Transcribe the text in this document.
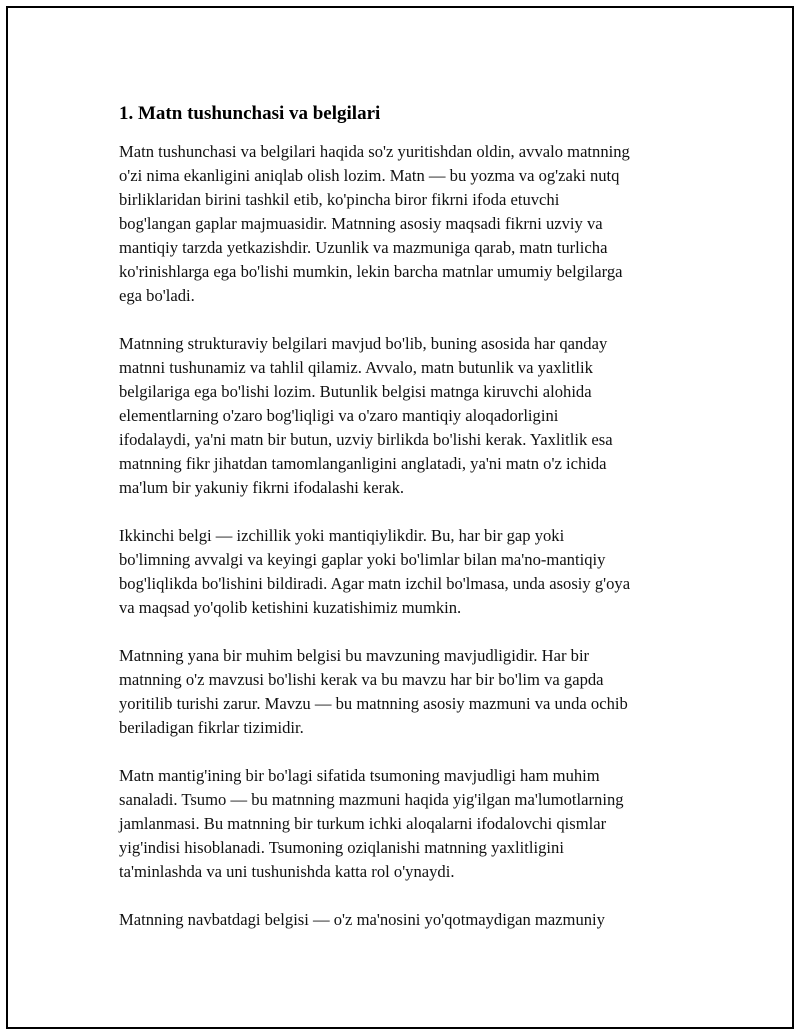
1. Matn tushunchasi va belgilari

Matn tushunchasi va belgilari haqida so'z yuritishdan oldin, avvalo matnning
o'zi nima ekanligini aniqlab olish lozim. Matn — bu yozma va og'zaki nutq
birliklaridan birini tashkil etib, ko'pincha biror fikrni ifoda etuvchi
bog'langan gaplar majmuasidir. Matnning asosiy maqsadi fikrni uzviy va
mantiqiy tarzda yetkazishdir. Uzunlik va mazmuniga qarab, matn turlicha
ko'rinishlarga ega bo'lishi mumkin, lekin barcha matnlar umumiy belgilarga
ega bo'ladi.

Matnning strukturaviy belgilari mavjud bo'lib, buning asosida har qanday
matnni tushunamiz va tahlil qilamiz. Avvalo, matn butunlik va yaxlitlik
belgilariga ega bo'lishi lozim. Butunlik belgisi matnga kiruvchi alohida
elementlarning o'zaro bog'liqligi va o'zaro mantiqiy aloqadorligini
ifodalaydi, ya'ni matn bir butun, uzviy birlikda bo'lishi kerak. Yaxlitlik esa
matnning fikr jihatdan tamomlanganligini anglatadi, ya'ni matn o'z ichida
ma'lum bir yakuniy fikrni ifodalashi kerak.

Ikkinchi belgi — izchillik yoki mantiqiylikdir. Bu, har bir gap yoki
bo'limning avvalgi va keyingi gaplar yoki bo'limlar bilan ma'no-mantiqiy
bog'liqlikda bo'lishini bildiradi. Agar matn izchil bo'lmasa, unda asosiy g'oya
va maqsad yo'qolib ketishini kuzatishimiz mumkin.

Matnning yana bir muhim belgisi bu mavzuning mavjudligidir. Har bir
matnning o'z mavzusi bo'lishi kerak va bu mavzu har bir bo'lim va gapda
yoritilib turishi zarur. Mavzu — bu matnning asosiy mazmuni va unda ochib
beriladigan fikrlar tizimidir.

Matn mantig'ining bir bo'lagi sifatida tsumoning mavjudligi ham muhim
sanaladi. Tsumo — bu matnning mazmuni haqida yig'ilgan ma'lumotlarning
jamlanmasi. Bu matnning bir turkum ichki aloqalarni ifodalovchi qismlar
yig'indisi hisoblanadi. Tsumoning oziqlanishi matnning yaxlitligini
ta'minlashda va uni tushunishda katta rol o'ynaydi.

Matnning navbatdagi belgisi — o'z ma'nosini yo'qotmaydigan mazmuniy
